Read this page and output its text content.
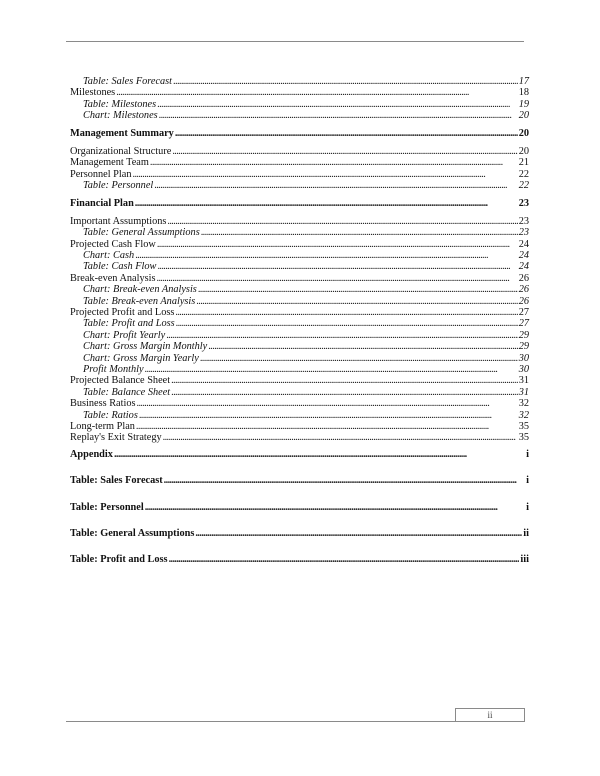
Table: Sales Forecast . . .	17
Milestones . . .	18
Table: Milestones . . .	19
Chart: Milestones . . .	20
Management Summary . . .	20
Organizational Structure . . .	20
Management Team . . .	21
Personnel Plan . . .	22
Table: Personnel . . .	22
Financial Plan . . .	23
Important Assumptions . . .	23
Table: General Assumptions . . .	23
Projected Cash Flow . . .	24
Chart: Cash . . .	24
Table: Cash Flow . . .	24
Break-even Analysis . . .	26
Chart: Break-even Analysis . . .	26
Table: Break-even Analysis . . .	26
Projected Profit and Loss . . .	27
Table: Profit and Loss . . .	27
Chart: Profit Yearly . . .	29
Chart: Gross Margin Monthly . . .	29
Chart: Gross Margin Yearly . . .	30
Profit Monthly . . .	30
Projected Balance Sheet . . .	31
Table: Balance Sheet . . .	31
Business Ratios . . .	32
Table: Ratios . . .	32
Long-term Plan . . .	35
Replay's Exit Strategy . . .	35
Appendix . . .	i
Table: Sales Forecast . . .	i
Table: Personnel . . .	i
Table: General Assumptions . . .	ii
Table: Profit and Loss . . .	iii
ii
